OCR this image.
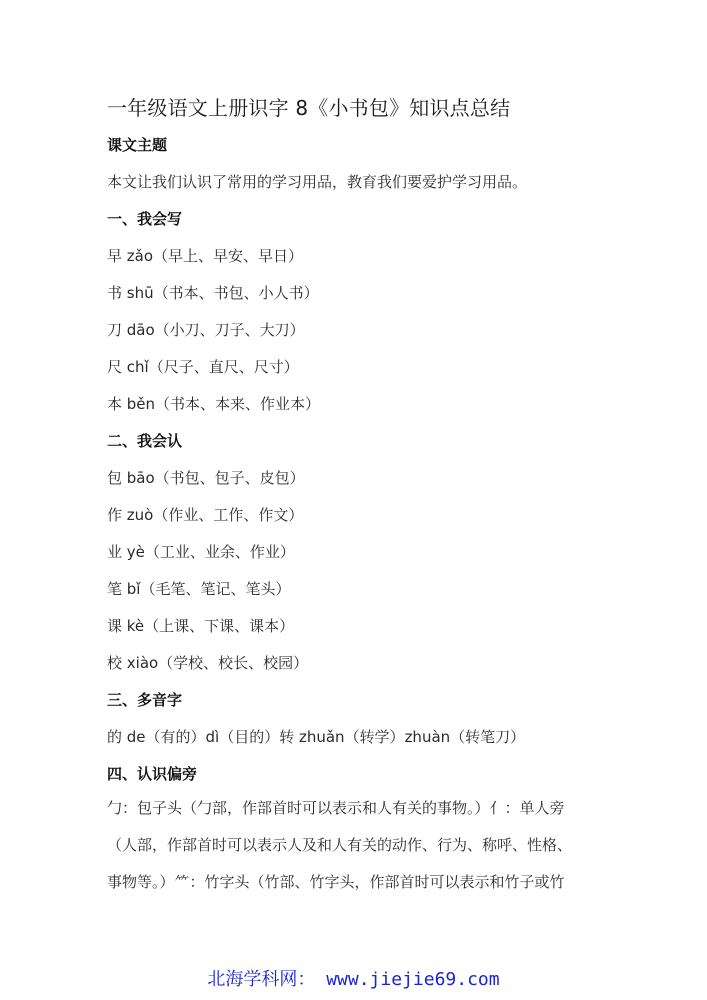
一年级语文上册识字 8《小书包》知识点总结
课文主题
本文让我们认识了常用的学习用品，教育我们要爱护学习用品。
一、我会写
早 zǎo（早上、早安、早日）
书 shū（书本、书包、小人书）
刀 dāo（小刀、刀子、大刀）
尺 chǐ（尺子、直尺、尺寸）
本 běn（书本、本来、作业本）
二、我会认
包 bāo（书包、包子、皮包）
作 zuò（作业、工作、作文）
业 yè（工业、业余、作业）
笔 bǐ（毛笔、笔记、笔头）
课 kè（上课、下课、课本）
校 xiào（学校、校长、校园）
三、多音字
的 de（有的）dì（目的）转 zhuǎn（转学）zhuàn（转笔刀）
四、认识偏旁
勹：包子头（勹部，作部首时可以表示和人有关的事物。）亻：单人旁
（人部，作部首时可以表示人及和人有关的动作、行为、称呼、性格、
事物等。）⺮：竹字头（竹部、竹字头，作部首时可以表示和竹子或竹
北海学科网： www.jiejie69.com
